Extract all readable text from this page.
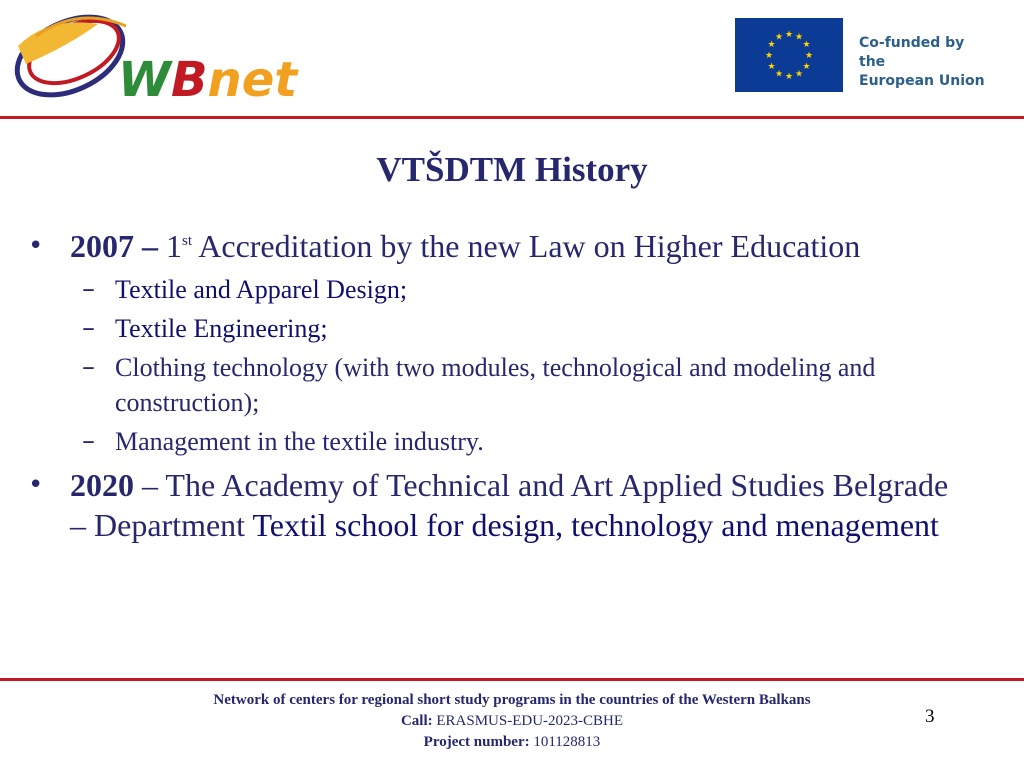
WBnet
★ ★
★
★
★
★
★
★
★
★
★
★	Co-funded by the
European Union
VTŠDTM History
• 2007 – 1st Accreditation by the new Law on Higher Education
– Textile and Apparel Design;
– Textile Engineering;
– Clothing technology (with two modules, technological and modeling and construction);
– Management in the textile industry.
• 2020 – The Academy of Technical and Art Applied Studies Belgrade – Department Textil school for design, technology and menagement
Network of centers for regional short study programs in the countries of the Western Balkans
Call: ERASMUS-EDU-2023-CBHE
Project number: 101128813
3
